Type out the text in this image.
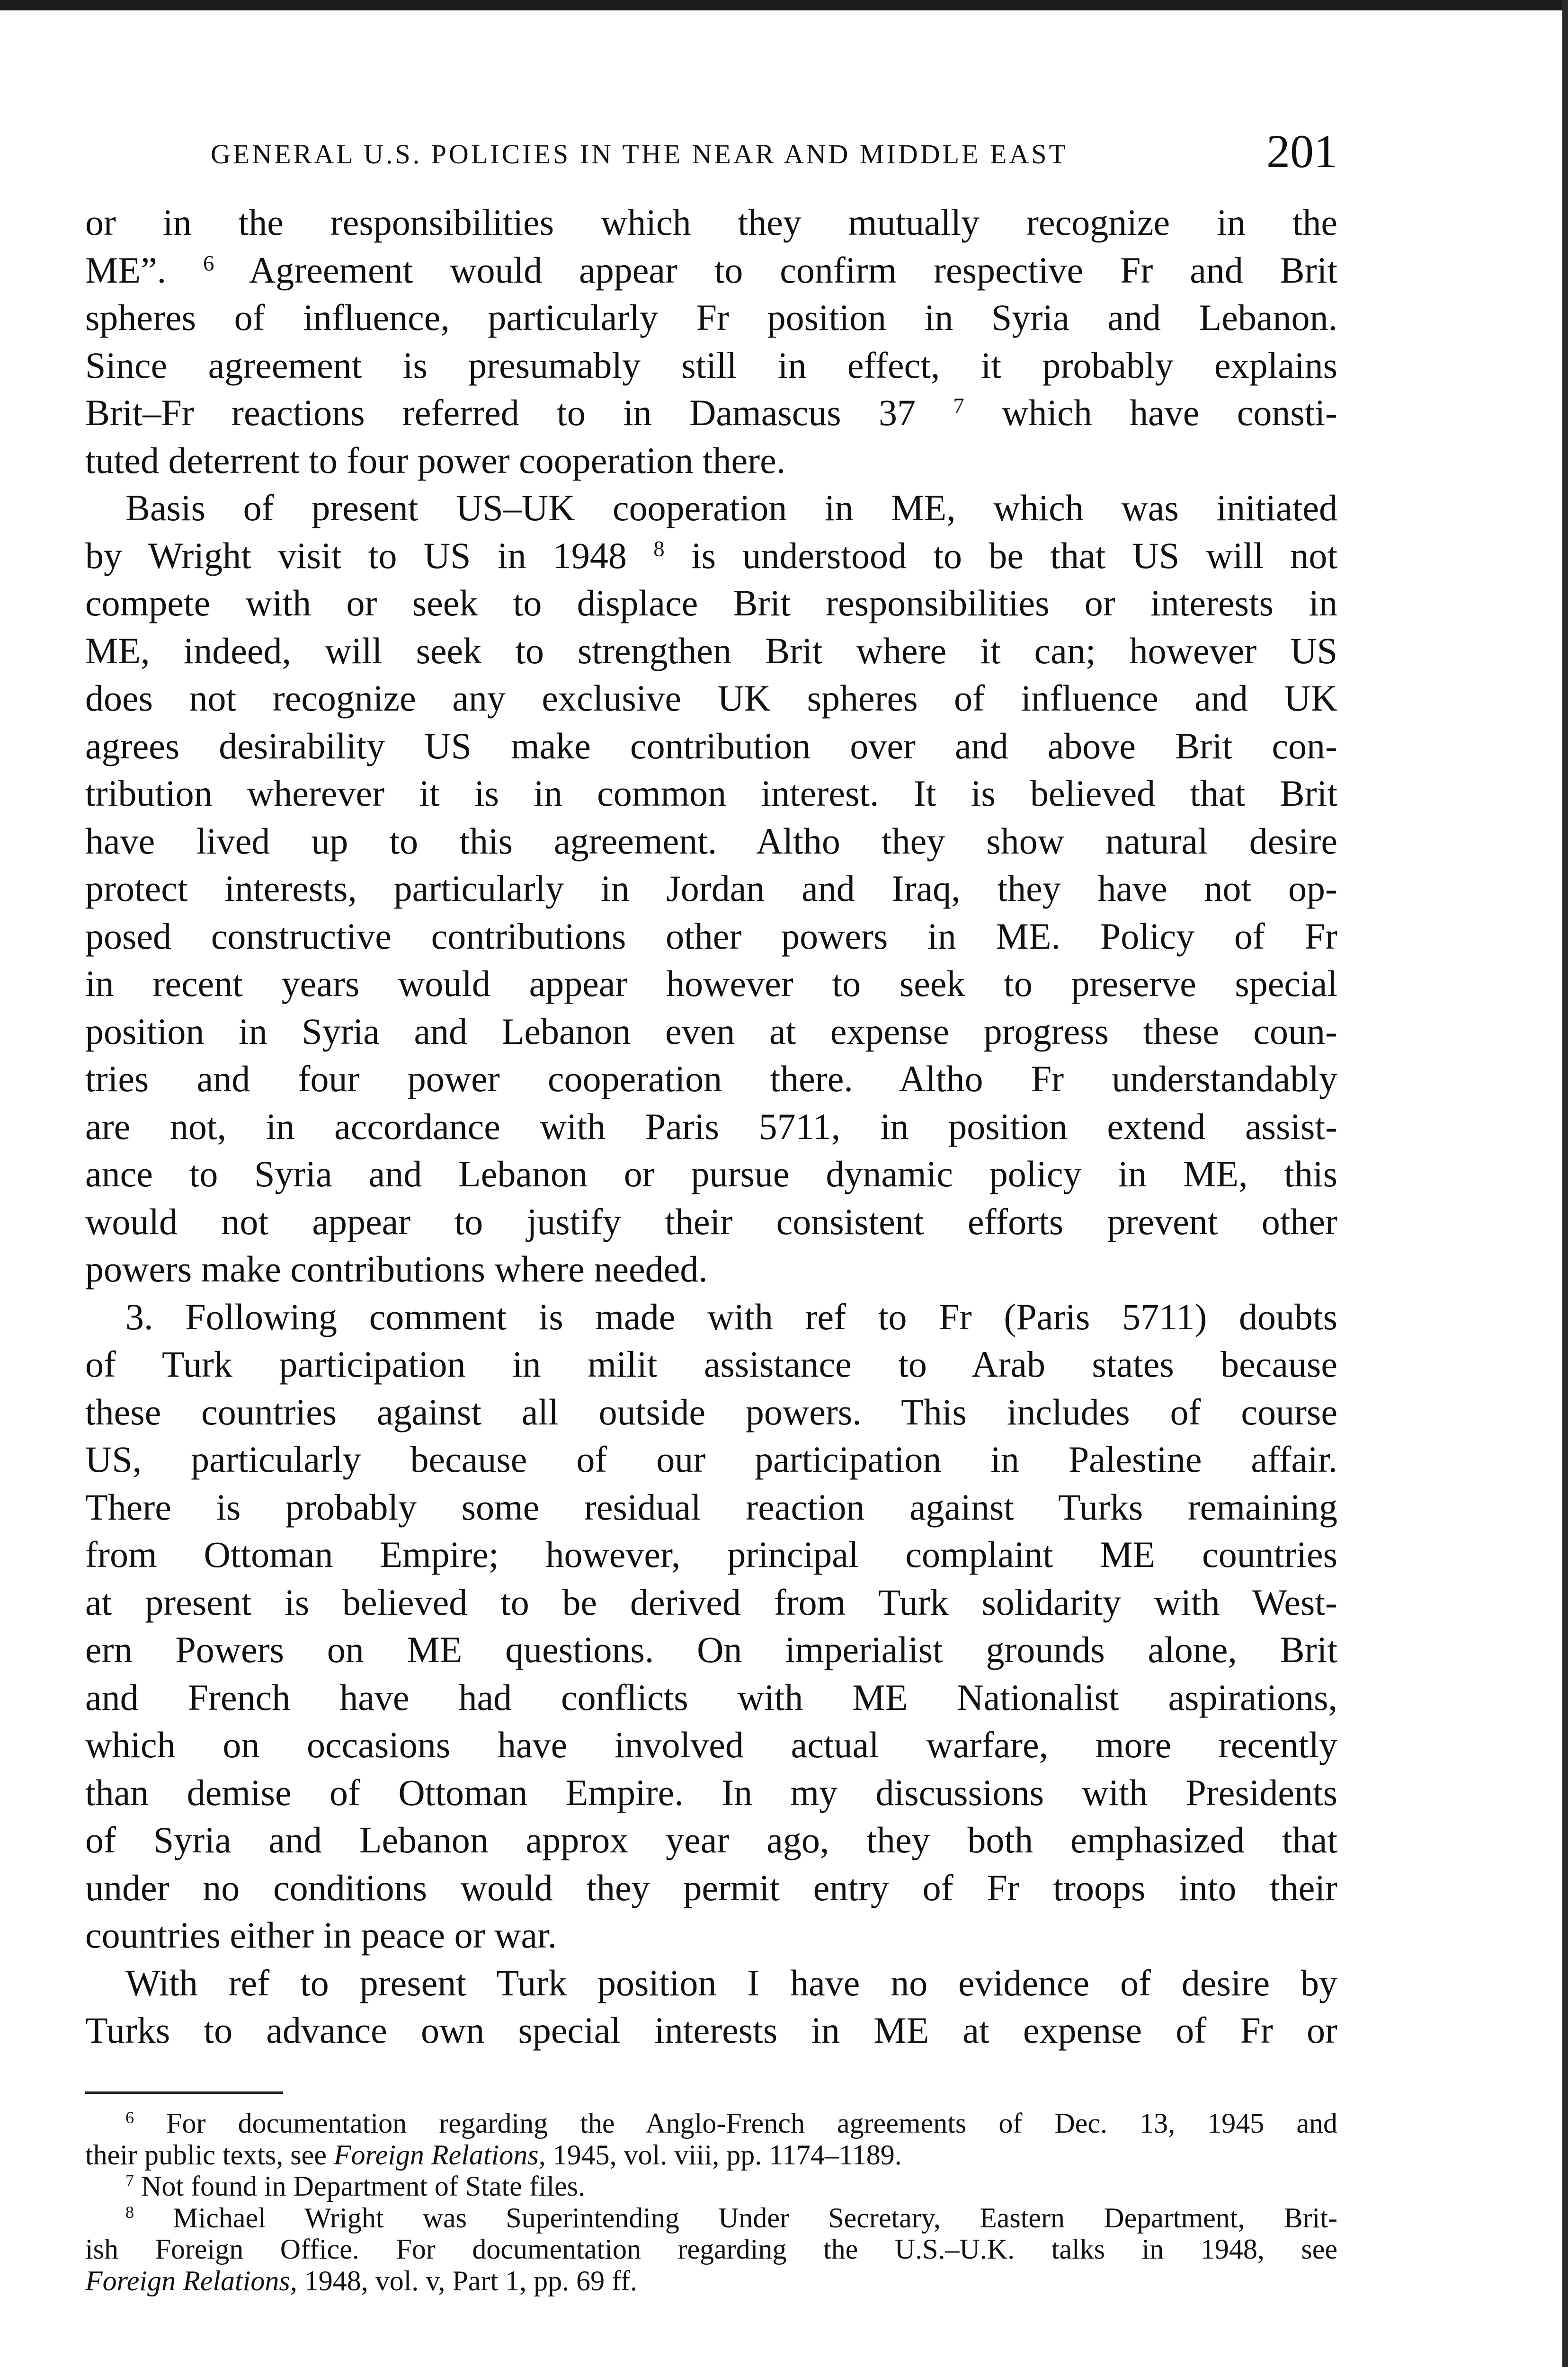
GENERAL U.S. POLICIES IN THE NEAR AND MIDDLE EAST	201
or in the responsibilities which they mutually recognize in the
ME”. $^6$ Agreement would appear to confirm respective Fr and Brit
spheres of influence, particularly Fr position in Syria and Lebanon.
Since agreement is presumably still in effect, it probably explains
Brit–Fr reactions referred to in Damascus 37 $^7$ which have consti-
tuted deterrent to four power cooperation there.
Basis of present US–UK cooperation in ME, which was initiated
by Wright visit to US in 1948 $^8$ is understood to be that US will not
compete with or seek to displace Brit responsibilities or interests in
ME, indeed, will seek to strengthen Brit where it can; however US
does not recognize any exclusive UK spheres of influence and UK
agrees desirability US make contribution over and above Brit con-
tribution wherever it is in common interest. It is believed that Brit
have lived up to this agreement. Altho they show natural desire
protect interests, particularly in Jordan and Iraq, they have not op-
posed constructive contributions other powers in ME. Policy of Fr
in recent years would appear however to seek to preserve special
position in Syria and Lebanon even at expense progress these coun-
tries and four power cooperation there. Altho Fr understandably
are not, in accordance with Paris 5711, in position extend assist-
ance to Syria and Lebanon or pursue dynamic policy in ME, this
would not appear to justify their consistent efforts prevent other
powers make contributions where needed.
3. Following comment is made with ref to Fr (Paris 5711) doubts
of Turk participation in milit assistance to Arab states because
these countries against all outside powers. This includes of course
US, particularly because of our participation in Palestine affair.
There is probably some residual reaction against Turks remaining
from Ottoman Empire; however, principal complaint ME countries
at present is believed to be derived from Turk solidarity with West-
ern Powers on ME questions. On imperialist grounds alone, Brit
and French have had conflicts with ME Nationalist aspirations,
which on occasions have involved actual warfare, more recently
than demise of Ottoman Empire. In my discussions with Presidents
of Syria and Lebanon approx year ago, they both emphasized that
under no conditions would they permit entry of Fr troops into their
countries either in peace or war.
With ref to present Turk position I have no evidence of desire by
Turks to advance own special interests in ME at expense of Fr or
$^6$ For documentation regarding the Anglo-French agreements of Dec. 13, 1945 and
their public texts, see Foreign Relations, 1945, vol. viii, pp. 1174–1189.
$^7$ Not found in Department of State files.
$^8$ Michael Wright was Superintending Under Secretary, Eastern Department, Brit-
ish Foreign Office. For documentation regarding the U.S.–U.K. talks in 1948, see
Foreign Relations, 1948, vol. v, Part 1, pp. 69 ff.
